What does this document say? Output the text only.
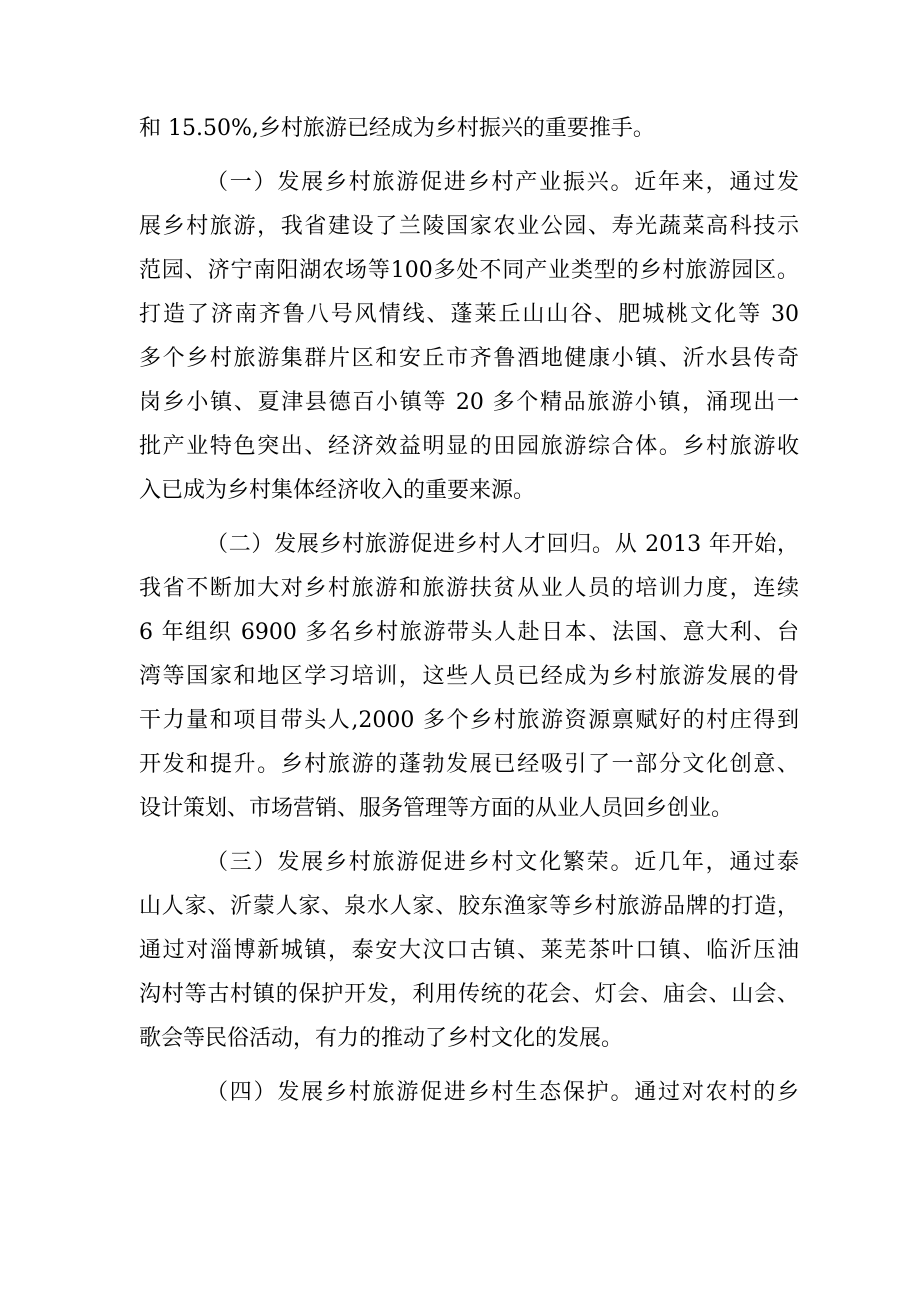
和 15.50%,乡村旅游已经成为乡村振兴的重要推手。
（一）发展乡村旅游促进乡村产业振兴。近年来，通过发
展乡村旅游，我省建设了兰陵国家农业公园、寿光蔬菜高科技示
范园、济宁南阳湖农场等100多处不同产业类型的乡村旅游园区。
打造了济南齐鲁八号风情线、蓬莱丘山山谷、肥城桃文化等 30
多个乡村旅游集群片区和安丘市齐鲁酒地健康小镇、沂水县传奇
岗乡小镇、夏津县德百小镇等 20 多个精品旅游小镇，涌现出一
批产业特色突出、经济效益明显的田园旅游综合体。乡村旅游收
入已成为乡村集体经济收入的重要来源。
（二）发展乡村旅游促进乡村人才回归。从 2013 年开始，
我省不断加大对乡村旅游和旅游扶贫从业人员的培训力度，连续
6 年组织 6900 多名乡村旅游带头人赴日本、法国、意大利、台
湾等国家和地区学习培训，这些人员已经成为乡村旅游发展的骨
干力量和项目带头人,2000 多个乡村旅游资源禀赋好的村庄得到
开发和提升。乡村旅游的蓬勃发展已经吸引了一部分文化创意、
设计策划、市场营销、服务管理等方面的从业人员回乡创业。
（三）发展乡村旅游促进乡村文化繁荣。近几年，通过泰
山人家、沂蒙人家、泉水人家、胶东渔家等乡村旅游品牌的打造，
通过对淄博新城镇，泰安大汶口古镇、莱芜茶叶口镇、临沂压油
沟村等古村镇的保护开发，利用传统的花会、灯会、庙会、山会、
歌会等民俗活动，有力的推动了乡村文化的发展。
（四）发展乡村旅游促进乡村生态保护。通过对农村的乡
